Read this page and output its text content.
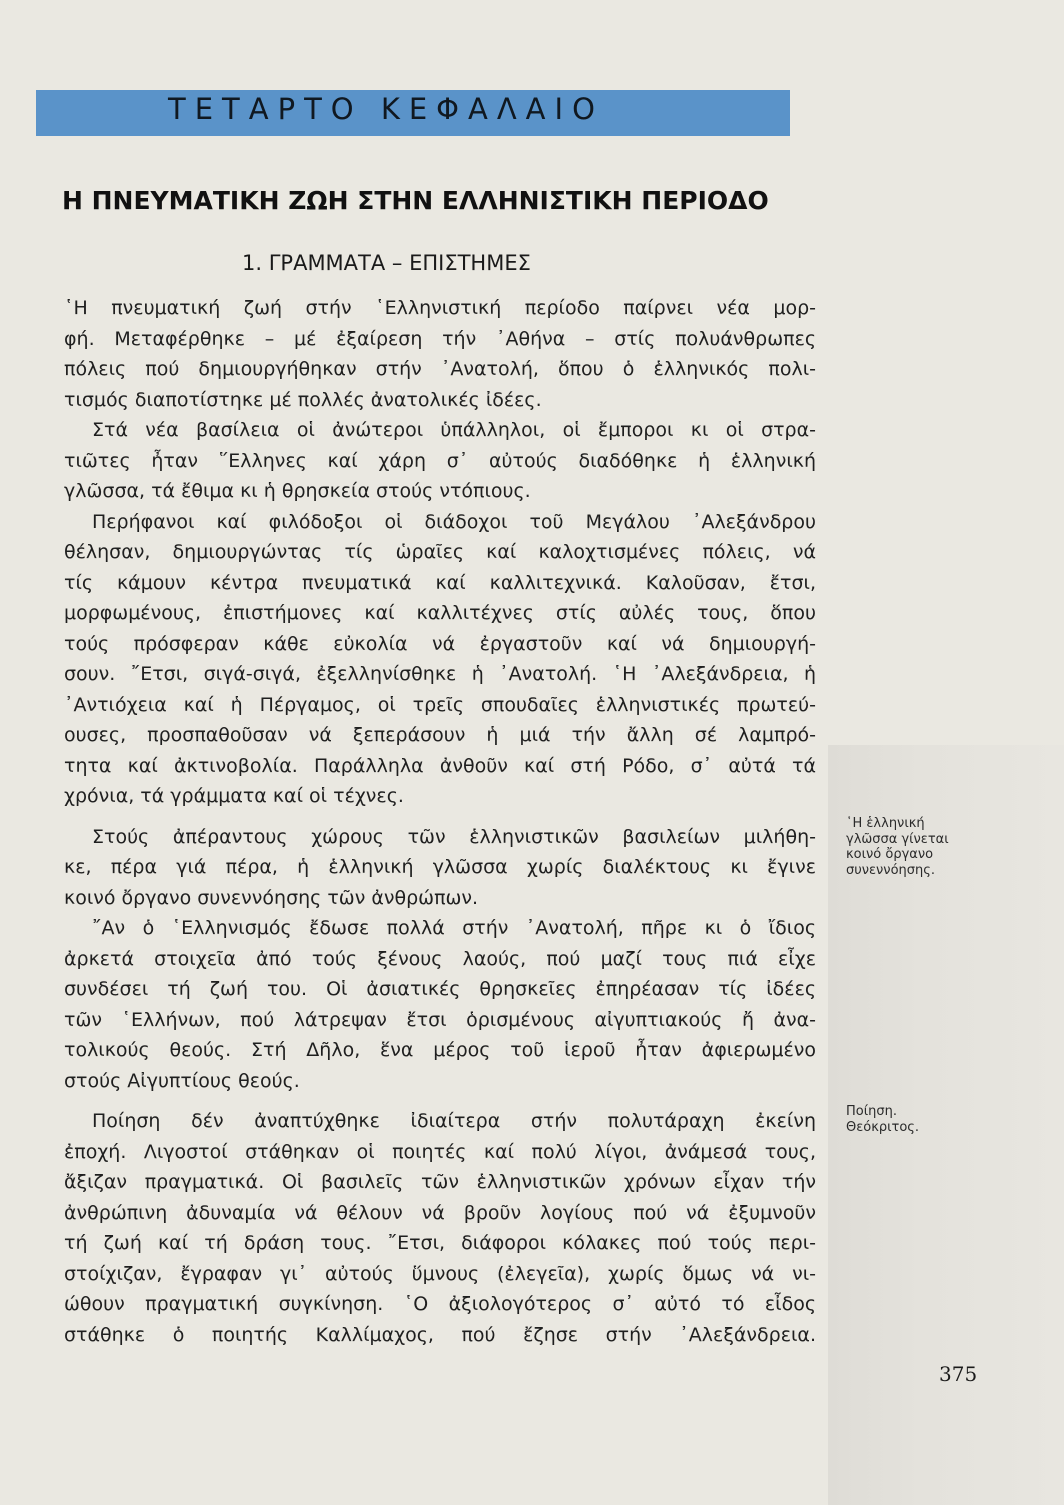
ΤΕΤΑΡΤΟ ΚΕΦΑΛΑΙΟ
Η ΠΝΕΥΜΑΤΙΚΗ ΖΩΗ ΣΤΗΝ ΕΛΛΗΝΙΣΤΙΚΗ ΠΕΡΙΟΔΟ
1. ΓΡΑΜΜΑΤΑ – ΕΠΙΣΤΗΜΕΣ
῾Η πνευματική ζωή στήν ῾Ελληνιστική περίοδο παίρνει νέα μορ-
φή. Μεταφέρθηκε – μέ ἐξαίρεση τήν ᾿Αθήνα – στίς πολυάνθρωπες
πόλεις πού δημιουργήθηκαν στήν ᾿Ανατολή, ὅπου ὁ ἑλληνικός πολι-
τισμός διαποτίστηκε μέ πολλές ἀνατολικές ἰδέες.
Στά νέα βασίλεια οἱ ἀνώτεροι ὑπάλληλοι, οἱ ἔμποροι κι οἱ στρα-
τιῶτες ἦταν ῞Ελληνες καί χάρη σ᾿ αὐτούς διαδόθηκε ἡ ἑλληνική
γλῶσσα, τά ἔθιμα κι ἡ θρησκεία στούς ντόπιους.
Περήφανοι καί φιλόδοξοι οἱ διάδοχοι τοῦ Μεγάλου ᾿Αλεξάνδρου
θέλησαν, δημιουργώντας τίς ὡραῖες καί καλοχτισμένες πόλεις, νά
τίς κάμουν κέντρα πνευματικά καί καλλιτεχνικά. Καλοῦσαν, ἔτσι,
μορφωμένους, ἐπιστήμονες καί καλλιτέχνες στίς αὐλές τους, ὅπου
τούς πρόσφεραν κάθε εὐκολία νά ἐργαστοῦν καί νά δημιουργή-
σουν. ῎Ετσι, σιγά-σιγά, ἐξελληνίσθηκε ἡ ᾿Ανατολή. ῾Η ᾿Αλεξάνδρεια, ἡ
᾿Αντιόχεια καί ἡ Πέργαμος, οἱ τρεῖς σπουδαῖες ἑλληνιστικές πρωτεύ-
ουσες, προσπαθοῦσαν νά ξεπεράσουν ἡ μιά τήν ἄλλη σέ λαμπρό-
τητα καί ἀκτινοβολία. Παράλληλα ἀνθοῦν καί στή Ρόδο, σ᾿ αὐτά τά
χρόνια, τά γράμματα καί οἱ τέχνες.
Στούς ἀπέραντους χώρους τῶν ἑλληνιστικῶν βασιλείων μιλήθη-
κε, πέρα γιά πέρα, ἡ ἑλληνική γλῶσσα χωρίς διαλέκτους κι ἔγινε
κοινό ὄργανο συνεννόησης τῶν ἀνθρώπων.
῎Αν ὁ ῾Ελληνισμός ἔδωσε πολλά στήν ᾿Ανατολή, πῆρε κι ὁ ἴδιος
ἀρκετά στοιχεῖα ἀπό τούς ξένους λαούς, πού μαζί τους πιά εἶχε
συνδέσει τή ζωή του. Οἱ ἀσιατικές θρησκεῖες ἐπηρέασαν τίς ἰδέες
τῶν ῾Ελλήνων, πού λάτρεψαν ἔτσι ὁρισμένους αἰγυπτιακούς ἤ ἀνα-
τολικούς θεούς. Στή Δῆλο, ἕνα μέρος τοῦ ἱεροῦ ἦταν ἀφιερωμένο
στούς Αἰγυπτίους θεούς.
Ποίηση δέν ἀναπτύχθηκε ἰδιαίτερα στήν πολυτάραχη ἐκείνη
ἐποχή. Λιγοστοί στάθηκαν οἱ ποιητές καί πολύ λίγοι, ἀνάμεσά τους,
ἄξιζαν πραγματικά. Οἱ βασιλεῖς τῶν ἑλληνιστικῶν χρόνων εἶχαν τήν
ἀνθρώπινη ἀδυναμία νά θέλουν νά βροῦν λογίους πού νά ἐξυμνοῦν
τή ζωή καί τή δράση τους. ῎Ετσι, διάφοροι κόλακες πού τούς περι-
στοίχιζαν, ἔγραφαν γι᾿ αὐτούς ὕμνους (ἐλεγεῖα), χωρίς ὅμως νά νι-
ώθουν πραγματική συγκίνηση. ῾Ο ἀξιολογότερος σ᾿ αὐτό τό εἶδος
στάθηκε ὁ ποιητής Καλλίμαχος, πού ἔζησε στήν ᾿Αλεξάνδρεια.
῾Η ἑλληνική
γλῶσσα γίνεται
κοινό ὄργανο
συνεννόησης.
Ποίηση.
Θεόκριτος.
375
